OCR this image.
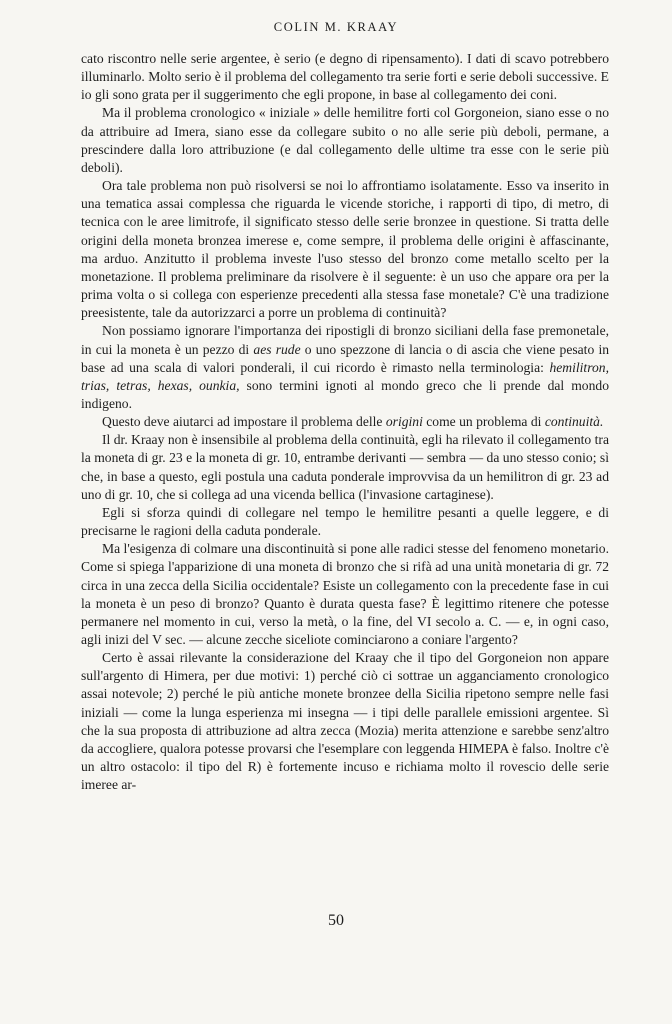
COLIN M. KRAAY

cato riscontro nelle serie argentee, è serio (e degno di ripensamento). I dati di scavo potrebbero illuminarlo. Molto serio è il problema del collegamento tra serie forti e serie deboli successive. E io gli sono grata per il suggerimento che egli propone, in base al collegamento dei coni.

Ma il problema cronologico « iniziale » delle hemilitre forti col Gorgoneion, siano esse o no da attribuire ad Imera, siano esse da collegare subito o no alle serie più deboli, permane, a prescindere dalla loro attribuzione (e dal collegamento delle ultime tra esse con le serie più deboli).

Ora tale problema non può risolversi se noi lo affrontiamo isolatamente. Esso va inserito in una tematica assai complessa che riguarda le vicende storiche, i rapporti di tipo, di metro, di tecnica con le aree limitrofe, il significato stesso delle serie bronzee in questione. Si tratta delle origini della moneta bronzea imerese e, come sempre, il problema delle origini è affascinante, ma arduo. Anzitutto il problema investe l'uso stesso del bronzo come metallo scelto per la monetazione. Il problema preliminare da risolvere è il seguente: è un uso che appare ora per la prima volta o si collega con esperienze precedenti alla stessa fase monetale? C'è una tradizione preesistente, tale da autorizzarci a porre un problema di continuità?

Non possiamo ignorare l'importanza dei ripostigli di bronzo siciliani della fase premonetale, in cui la moneta è un pezzo di aes rude o uno spezzone di lancia o di ascia che viene pesato in base ad una scala di valori ponderali, il cui ricordo è rimasto nella terminologia: hemilitron, trias, tetras, hexas, ounkia, sono termini ignoti al mondo greco che li prende dal mondo indigeno.

Questo deve aiutarci ad impostare il problema delle origini come un problema di continuità.

Il dr. Kraay non è insensibile al problema della continuità, egli ha rilevato il collegamento tra la moneta di gr. 23 e la moneta di gr. 10, entrambe derivanti — sembra — da uno stesso conio; sì che, in base a questo, egli postula una caduta ponderale improvvisa da un hemilitron di gr. 23 ad uno di gr. 10, che si collega ad una vicenda bellica (l'invasione cartaginese).

Egli si sforza quindi di collegare nel tempo le hemilitre pesanti a quelle leggere, e di precisarne le ragioni della caduta ponderale.

Ma l'esigenza di colmare una discontinuità si pone alle radici stesse del fenomeno monetario. Come si spiega l'apparizione di una moneta di bronzo che si rifà ad una unità monetaria di gr. 72 circa in una zecca della Sicilia occidentale? Esiste un collegamento con la precedente fase in cui la moneta è un peso di bronzo? Quanto è durata questa fase? È legittimo ritenere che potesse permanere nel momento in cui, verso la metà, o la fine, del VI secolo a. C. — e, in ogni caso, agli inizi del V sec. — alcune zecche siceliote cominciarono a coniare l'argento?

Certo è assai rilevante la considerazione del Kraay che il tipo del Gorgoneion non appare sull'argento di Himera, per due motivi: 1) perché ciò ci sottrae un agganciamento cronologico assai notevole; 2) perché le più antiche monete bronzee della Sicilia ripetono sempre nelle fasi iniziali — come la lunga esperienza mi insegna — i tipi delle parallele emissioni argentee. Sì che la sua proposta di attribuzione ad altra zecca (Mozia) merita attenzione e sarebbe senz'altro da accogliere, qualora potesse provarsi che l'esemplare con leggenda HIMEPA è falso. Inoltre c'è un altro ostacolo: il tipo del R) è fortemente incuso e richiama molto il rovescio delle serie imeree ar-

50
